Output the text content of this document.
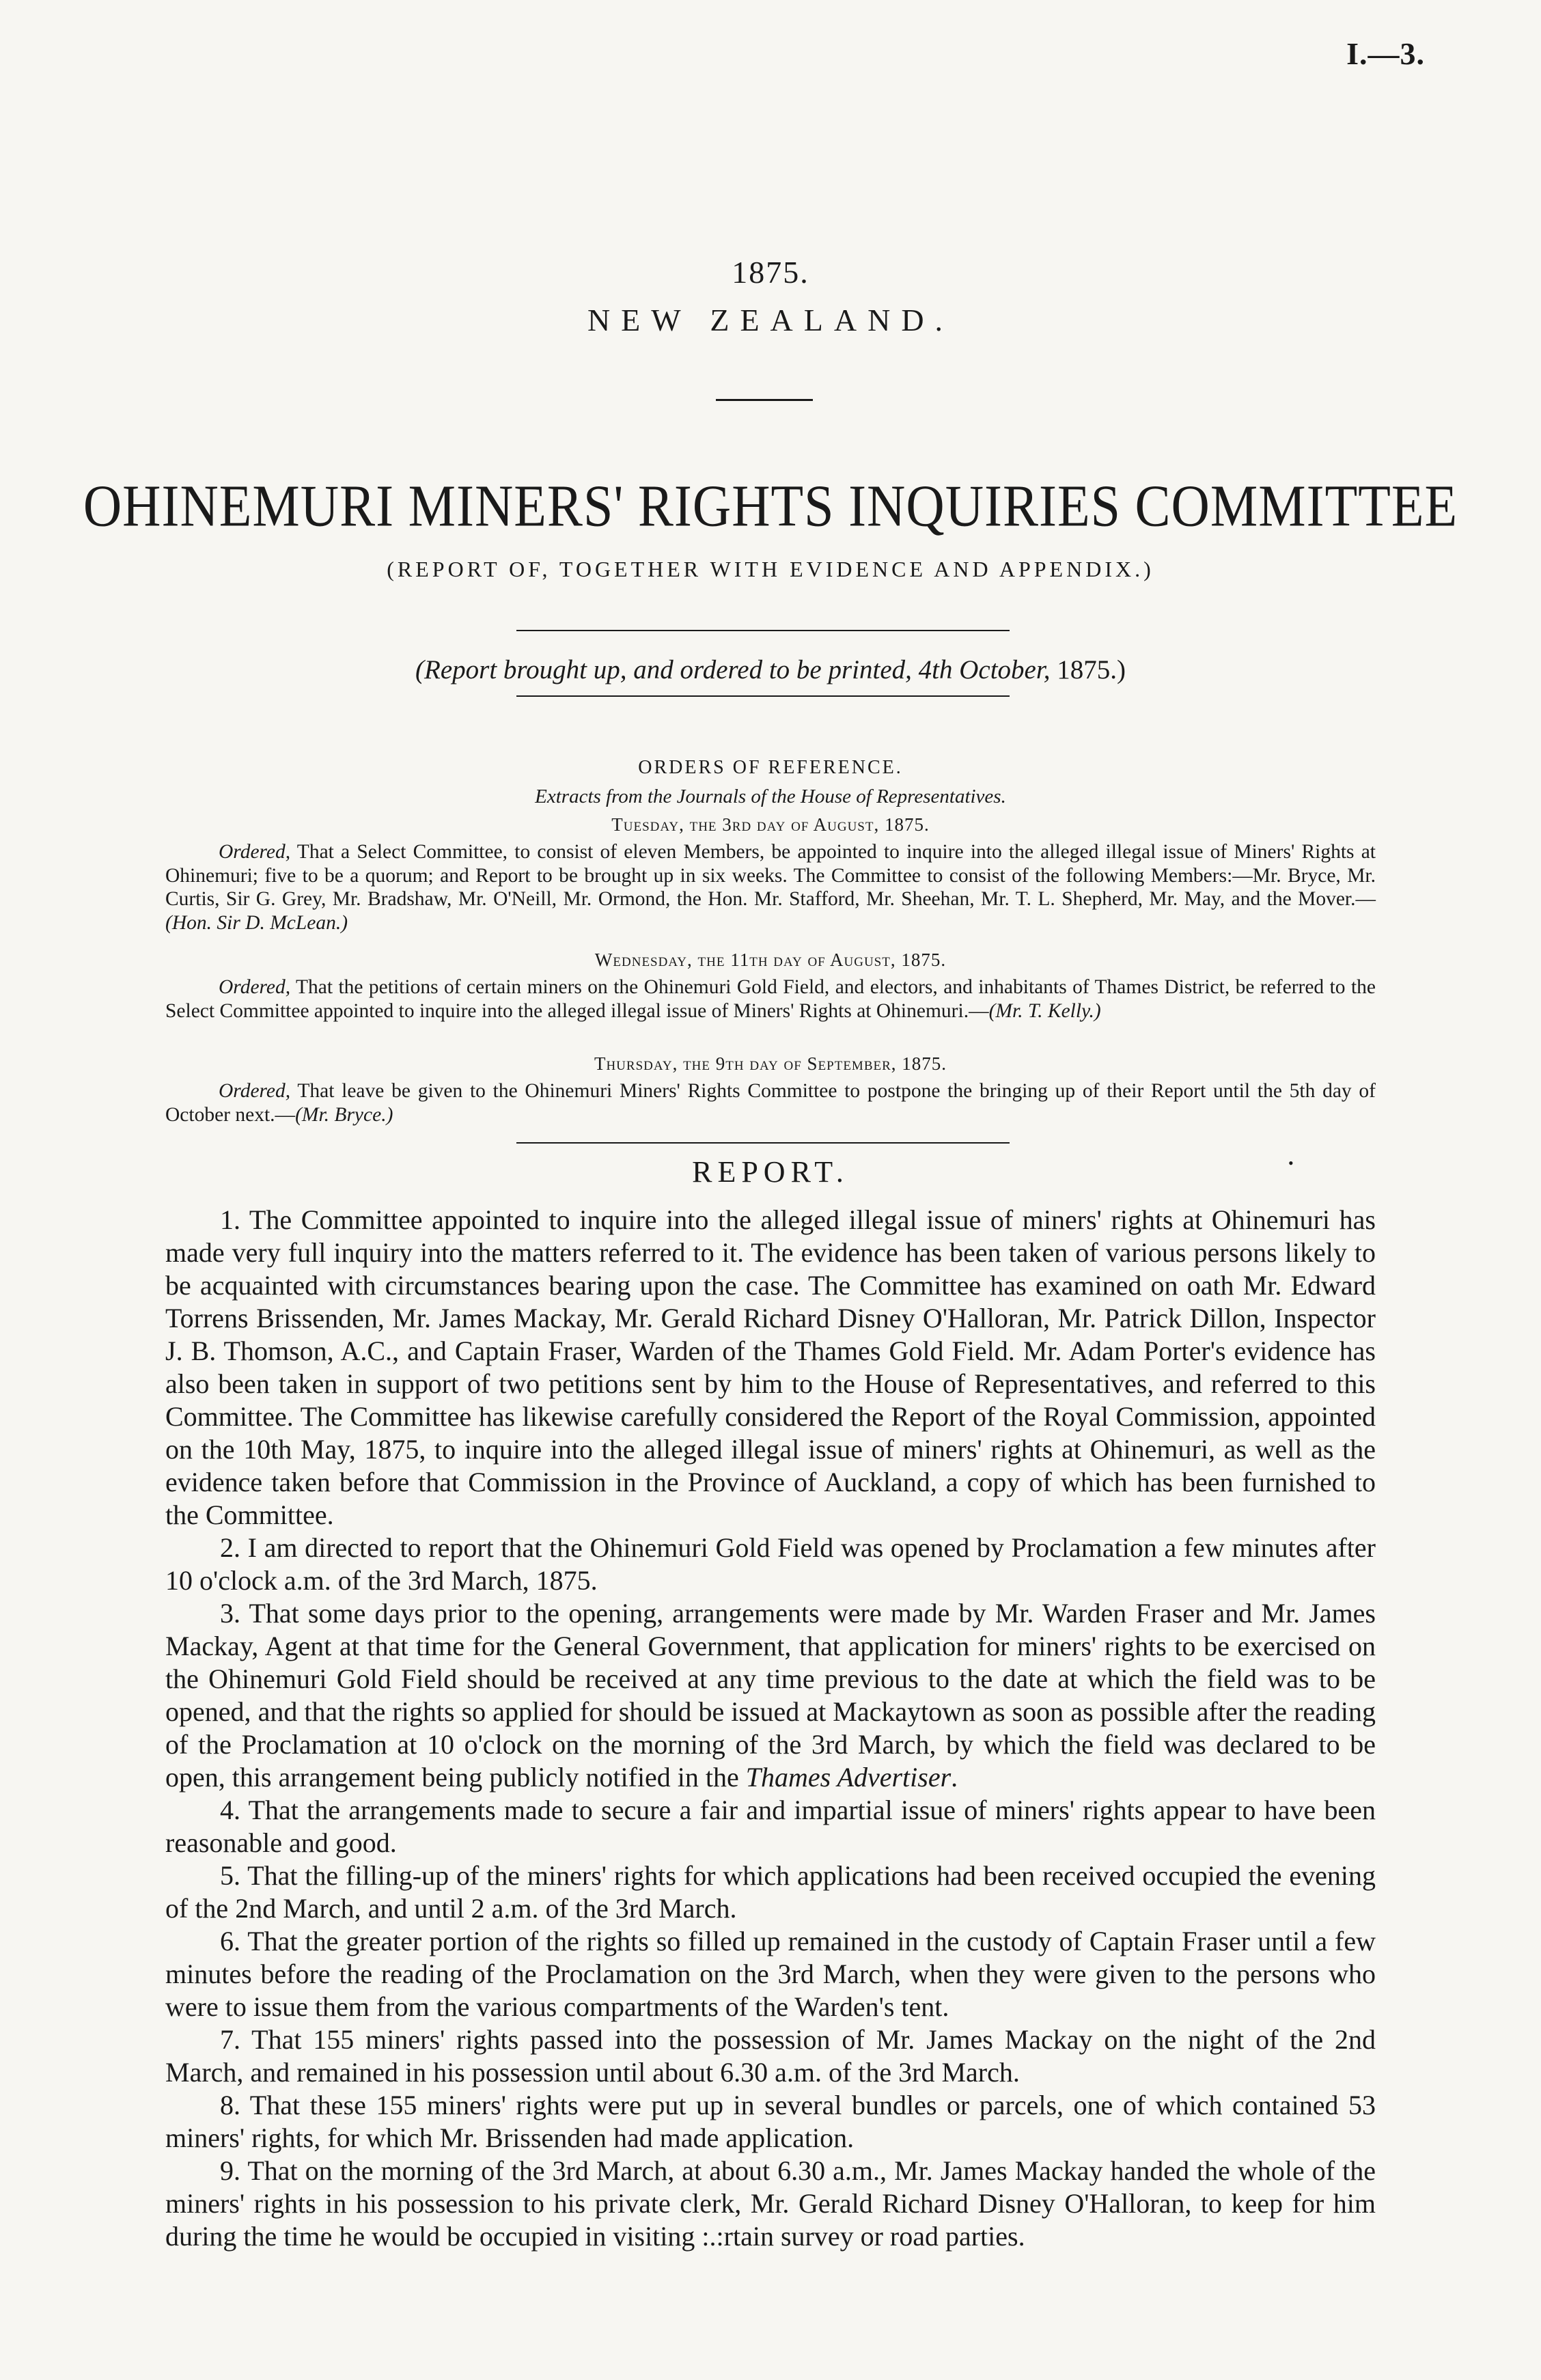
I.—3.
1875.
NEW ZEALAND.
OHINEMURI MINERS' RIGHTS INQUIRIES COMMITTEE
(REPORT OF, TOGETHER WITH EVIDENCE AND APPENDIX.)
(Report brought up, and ordered to be printed, 4th October, 1875.)
ORDERS OF REFERENCE.
Extracts from the Journals of the House of Representatives.
Tuesday, the 3rd day of August, 1875.
Ordered, That a Select Committee, to consist of eleven Members, be appointed to inquire into the alleged illegal issue of Miners' Rights at Ohinemuri; five to be a quorum; and Report to be brought up in six weeks. The Committee to consist of the following Members:—Mr. Bryce, Mr. Curtis, Sir G. Grey, Mr. Bradshaw, Mr. O'Neill, Mr. Ormond, the Hon. Mr. Stafford, Mr. Sheehan, Mr. T. L. Shepherd, Mr. May, and the Mover.—(Hon. Sir D. McLean.)
Wednesday, the 11th day of August, 1875.
Ordered, That the petitions of certain miners on the Ohinemuri Gold Field, and electors, and inhabitants of Thames District, be referred to the Select Committee appointed to inquire into the alleged illegal issue of Miners' Rights at Ohinemuri.—(Mr. T. Kelly.)
Thursday, the 9th day of September, 1875.
Ordered, That leave be given to the Ohinemuri Miners' Rights Committee to postpone the bringing up of their Report until the 5th day of October next.—(Mr. Bryce.)
REPORT.	•

1. The Committee appointed to inquire into the alleged illegal issue of miners' rights at Ohinemuri has made very full inquiry into the matters referred to it. The evidence has been taken of various persons likely to be acquainted with circumstances bearing upon the case. The Committee has examined on oath Mr. Edward Torrens Brissenden, Mr. James Mackay, Mr. Gerald Richard Disney O'Halloran, Mr. Patrick Dillon, Inspector J. B. Thomson, A.C., and Captain Fraser, Warden of the Thames Gold Field. Mr. Adam Porter's evidence has also been taken in support of two petitions sent by him to the House of Representatives, and referred to this Committee. The Committee has likewise carefully considered the Report of the Royal Commission, appointed on the 10th May, 1875, to inquire into the alleged illegal issue of miners' rights at Ohinemuri, as well as the evidence taken before that Commission in the Province of Auckland, a copy of which has been furnished to the Committee.

2. I am directed to report that the Ohinemuri Gold Field was opened by Proclamation a few minutes after 10 o'clock a.m. of the 3rd March, 1875.

3. That some days prior to the opening, arrangements were made by Mr. Warden Fraser and Mr. James Mackay, Agent at that time for the General Government, that application for miners' rights to be exercised on the Ohinemuri Gold Field should be received at any time previous to the date at which the field was to be opened, and that the rights so applied for should be issued at Mackaytown as soon as possible after the reading of the Proclamation at 10 o'clock on the morning of the 3rd March, by which the field was declared to be open, this arrangement being publicly notified in the Thames Advertiser.

4. That the arrangements made to secure a fair and impartial issue of miners' rights appear to have been reasonable and good.

5. That the filling-up of the miners' rights for which applications had been received occupied the evening of the 2nd March, and until 2 a.m. of the 3rd March.

6. That the greater portion of the rights so filled up remained in the custody of Captain Fraser until a few minutes before the reading of the Proclamation on the 3rd March, when they were given to the persons who were to issue them from the various compartments of the Warden's tent.

7. That 155 miners' rights passed into the possession of Mr. James Mackay on the night of the 2nd March, and remained in his possession until about 6.30 a.m. of the 3rd March.

8. That these 155 miners' rights were put up in several bundles or parcels, one of which contained 53 miners' rights, for which Mr. Brissenden had made application.

9. That on the morning of the 3rd March, at about 6.30 a.m., Mr. James Mackay handed the whole of the miners' rights in his possession to his private clerk, Mr. Gerald Richard Disney O'Halloran, to keep for him during the time he would be occupied in visiting :.:rtain survey or road parties.
